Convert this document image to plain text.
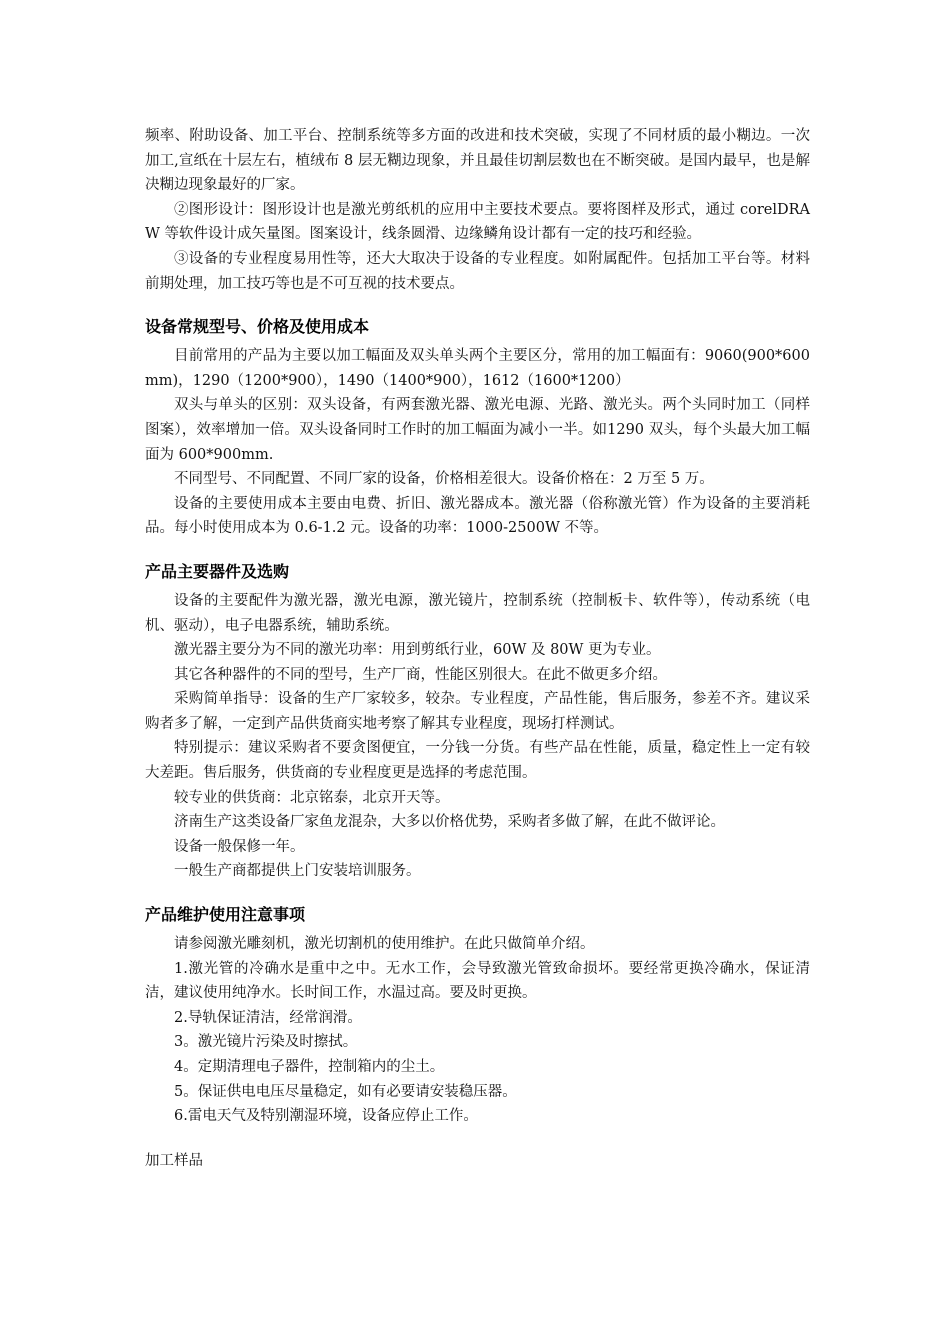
频率、附助设备、加工平台、控制系统等多方面的改进和技术突破，实现了不同材质的最小糊边。一次加工,宣纸在十层左右，植绒布 8 层无糊边现象，并且最佳切割层数也在不断突破。是国内最早，也是解决糊边现象最好的厂家。

②图形设计：图形设计也是激光剪纸机的应用中主要技术要点。要将图样及形式，通过 corelDRAW 等软件设计成矢量图。图案设计，线条圆滑、边缘鳞角设计都有一定的技巧和经验。

③设备的专业程度易用性等，还大大取决于设备的专业程度。如附属配件。包括加工平台等。材料前期处理，加工技巧等也是不可互视的技术要点。

设备常规型号、价格及使用成本

目前常用的产品为主要以加工幅面及双头单头两个主要区分，常用的加工幅面有：9060(900*600mm)，1290（1200*900），1490（1400*900），1612（1600*1200）

双头与单头的区别：双头设备，有两套激光器、激光电源、光路、激光头。两个头同时加工（同样图案），效率增加一倍。双头设备同时工作时的加工幅面为减小一半。如1290 双头，每个头最大加工幅面为 600*900mm.

不同型号、不同配置、不同厂家的设备，价格相差很大。设备价格在：2 万至 5 万。

设备的主要使用成本主要由电费、折旧、激光器成本。激光器（俗称激光管）作为设备的主要消耗品。每小时使用成本为 0.6-1.2 元。设备的功率：1000-2500W 不等。

产品主要器件及选购

设备的主要配件为激光器，激光电源，激光镜片，控制系统（控制板卡、软件等），传动系统（电机、驱动），电子电器系统，辅助系统。

激光器主要分为不同的激光功率：用到剪纸行业，60W 及 80W 更为专业。

其它各种器件的不同的型号，生产厂商，性能区别很大。在此不做更多介绍。

采购简单指导：设备的生产厂家较多，较杂。专业程度，产品性能，售后服务，参差不齐。建议采购者多了解，一定到产品供货商实地考察了解其专业程度，现场打样测试。

特别提示：建议采购者不要贪图便宜，一分钱一分货。有些产品在性能，质量，稳定性上一定有较大差距。售后服务，供货商的专业程度更是选择的考虑范围。

较专业的供货商：北京铭泰，北京开天等。

济南生产这类设备厂家鱼龙混杂，大多以价格优势，采购者多做了解，在此不做评论。

设备一般保修一年。

一般生产商都提供上门安装培训服务。

产品维护使用注意事项

请参阅激光雕刻机，激光切割机的使用维护。在此只做简单介绍。

1.激光管的冷确水是重中之中。无水工作，会导致激光管致命损坏。要经常更换冷确水，保证清洁，建议使用纯净水。长时间工作，水温过高。要及时更换。

2.导轨保证清洁，经常润滑。

3。激光镜片污染及时擦拭。

4。定期清理电子器件，控制箱内的尘土。

5。保证供电电压尽量稳定，如有必要请安装稳压器。

6.雷电天气及特别潮湿环境，设备应停止工作。

加工样品
